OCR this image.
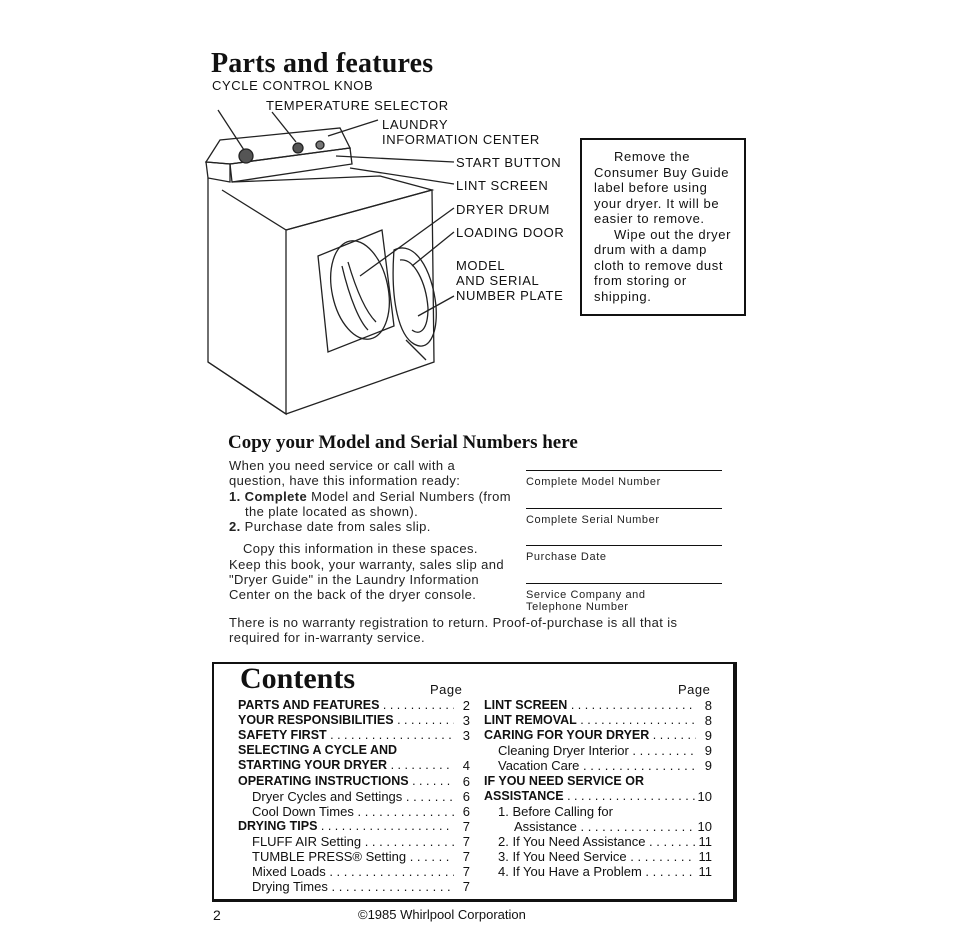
Parts and features
CYCLE CONTROL KNOB
TEMPERATURE SELECTOR
LAUNDRY
INFORMATION CENTER
START BUTTON
LINT SCREEN
DRYER DRUM
LOADING DOOR
MODEL
AND SERIAL
NUMBER PLATE

Remove the Consumer Buy Guide label before using your dryer. It will be easier to remove.

Wipe out the dryer drum with a damp cloth to remove dust from storing or shipping.

Copy your Model and Serial Numbers here

When you need service or call with a question, have this information ready:

1. Complete Model and Serial Numbers (from the plate located as shown).

2. Purchase date from sales slip.

Copy this information in these spaces. Keep this book, your warranty, sales slip and "Dryer Guide" in the Laundry Information Center on the back of the dryer console.

There is no warranty registration to return. Proof-of-purchase is all that is required for in-warranty service.
Complete Model Number
Complete Serial Number
Purchase Date
Service Company and
Telephone Number
Contents	Page	Page
PARTS AND FEATURES . . .	2
YOUR RESPONSIBILITIES . . .	3
SAFETY FIRST . . .	3
SELECTING A CYCLE AND
STARTING YOUR DRYER . . .	4
OPERATING INSTRUCTIONS . . .	6
Dryer Cycles and Settings . . .	6
Cool Down Times . . .	6
DRYING TIPS . . .	7
FLUFF AIR Setting . . .	7
TUMBLE PRESS® Setting . . .	7
Mixed Loads . . .	7
Drying Times . . .	7
LINT SCREEN . . .	8
LINT REMOVAL . . .	8
CARING FOR YOUR DRYER . . .	9
Cleaning Dryer Interior . . .	9
Vacation Care . . .	9
IF YOU NEED SERVICE OR
ASSISTANCE . . .	10
1. Before Calling for
Assistance . . .	10
2. If You Need Assistance . . .	11
3. If You Need Service . . .	11
4. If You Have a Problem . . .	11
2	©1985 Whirlpool Corporation
